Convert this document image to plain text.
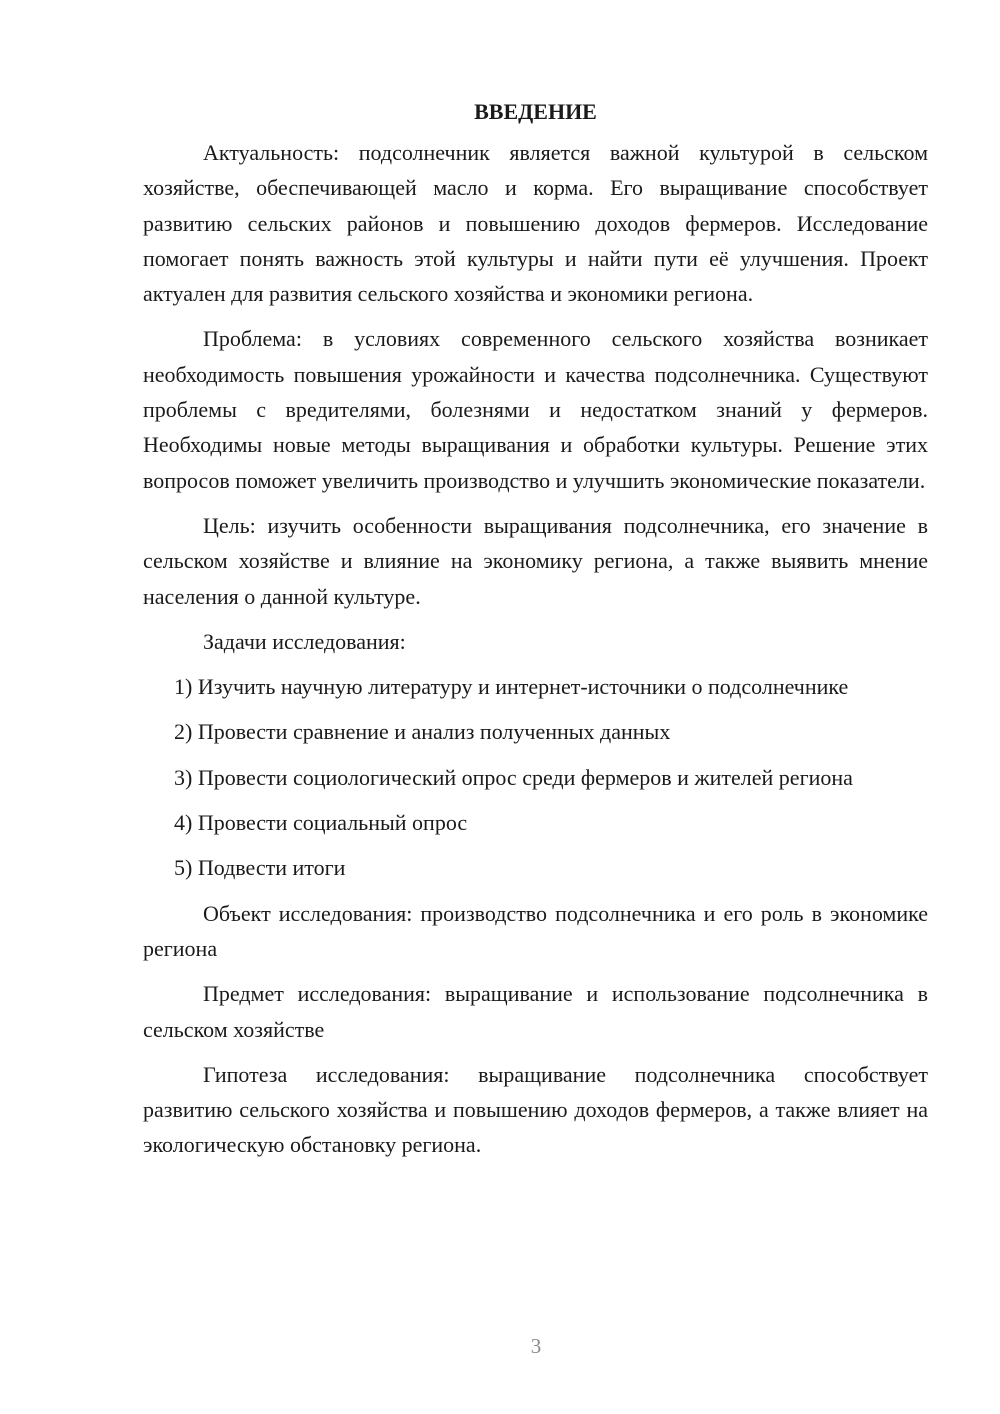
ВВЕДЕНИЕ

Актуальность: подсолнечник является важной культурой в сельском хозяйстве, обеспечивающей масло и корма. Его выращивание способствует развитию сельских районов и повышению доходов фермеров. Исследование помогает понять важность этой культуры и найти пути её улучшения. Проект актуален для развития сельского хозяйства и экономики региона.

Проблема: в условиях современного сельского хозяйства возникает необходимость повышения урожайности и качества подсолнечника. Существуют проблемы с вредителями, болезнями и недостатком знаний у фермеров. Необходимы новые методы выращивания и обработки культуры. Решение этих вопросов поможет увеличить производство и улучшить экономические показатели.

Цель: изучить особенности выращивания подсолнечника, его значение в сельском хозяйстве и влияние на экономику региона, а также выявить мнение населения о данной культуре.

Задачи исследования:

1) Изучить научную литературу и интернет-источники о подсолнечнике

2) Провести сравнение и анализ полученных данных

3) Провести социологический опрос среди фермеров и жителей региона

4) Провести социальный опрос

5) Подвести итоги

Объект исследования: производство подсолнечника и его роль в экономике региона

Предмет исследования: выращивание и использование подсолнечника в сельском хозяйстве

Гипотеза исследования: выращивание подсолнечника способствует развитию сельского хозяйства и повышению доходов фермеров, а также влияет на экологическую обстановку региона.

3
